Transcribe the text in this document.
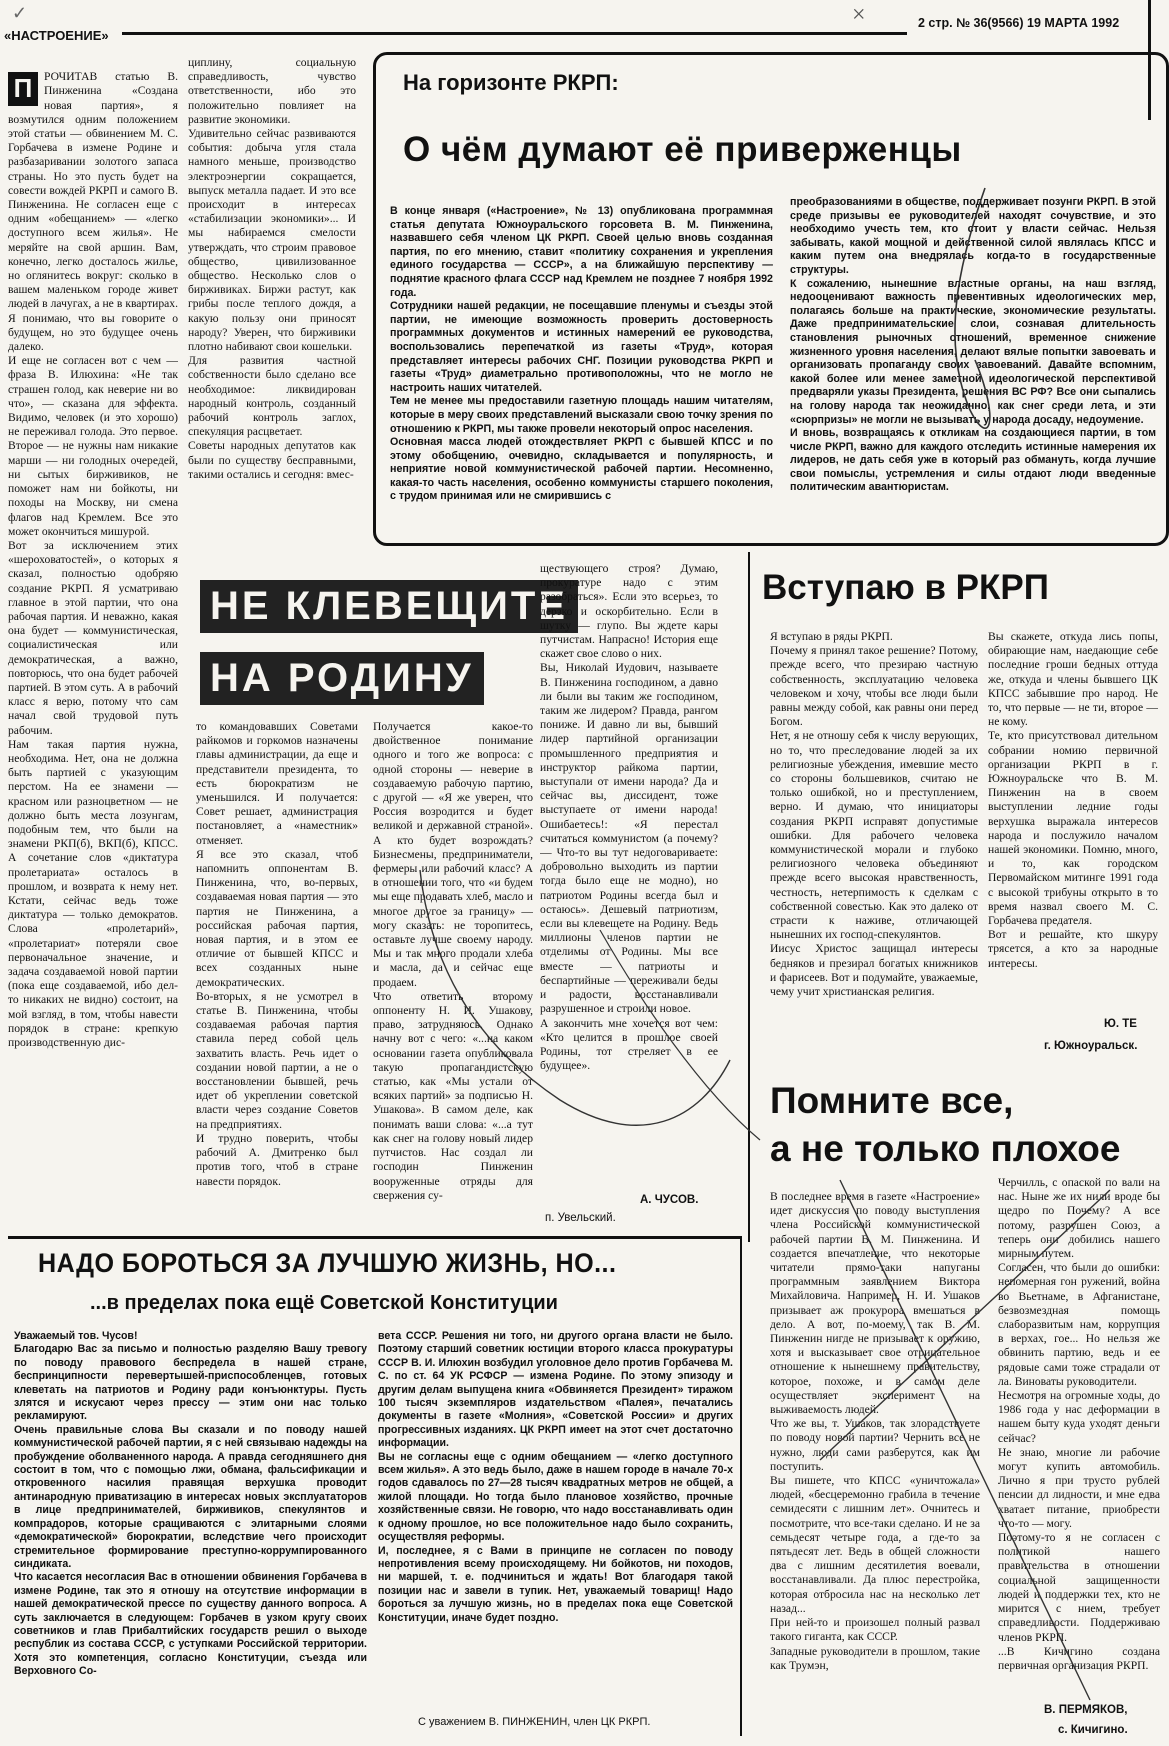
«НАСТРОЕНИЕ»
2 стр. № 36(9566) 19 МАРТА 1992
×
✓

П	РОЧИТАВ статью В. Пинженина «Создана новая партия», я возмутился одним положением этой статьи — обвинением М. С. Горбачева в измене Родине и разбазаривании золотого запаса страны. Но это пусть будет на совести вождей РКРП и самого В. Пинженина. Не согласен еще с одним «обещанием» — «легко доступного всем жилья». Не меряйте на свой аршин. Вам, конечно, легко досталось жилье, но оглянитесь вокруг: сколько в вашем маленьком городе живет людей в лачугах, а не в квартирах. Я понимаю, что вы говорите о будущем, но это будущее очень далеко.
И еще не согласен вот с чем — фраза В. Илюхина: «Не так страшен голод, как неверие ни во что», — сказана для эффекта. Видимо, человек (и это хорошо) не переживал голода. Это первое. Второе — не нужны нам никакие марши — ни голодных очередей, ни сытых бирживиков, не поможет нам ни бойкоты, ни походы на Москву, ни смена флагов над Кремлем. Все это может окончиться мишурой.
Вот за исключением этих «шероховатостей», о которых я сказал, полностью одобряю создание РКРП. Я усматриваю главное в этой партии, что она рабочая партия. И неважно, какая она будет — коммунистическая, социалистическая или демократическая, а важно, повторюсь, что она будет рабочей партией. В этом суть. А в рабочий класс я верю, потому что сам начал свой трудовой путь рабочим.
Нам такая партия нужна, необходима. Нет, она не должна быть партией с указующим перстом. На ее знамени — красном или разноцветном — не должно быть места лозунгам, подобным тем, что были на знамени РКП(б), ВКП(б), КПСС. А сочетание слов «диктатура пролетариата» осталось в прошлом, и возврата к нему нет. Кстати, сейчас ведь тоже диктатура — только демократов. Слова «пролетарий», «пролетариат» потеряли свое первоначальное значение, и задача создаваемой новой партии (пока еще создаваемой, ибо дел-то никаких не видно) состоит, на мой взгляд, в том, чтобы навести порядок в стране: крепкую производственную дис-

циплину, социальную справедливость, чувство ответственности, ибо это положительно повлияет на развитие экономики.
Удивительно сейчас развиваются события: добыча угля стала намного меньше, производство электроэнергии сокращается, выпуск металла падает. И это все происходит в интересах «стабилизации экономики»... И мы набираемся смелости утверждать, что строим правовое общество, цивилизованное общество. Несколько слов о бирживиках. Биржи растут, как грибы после теплого дождя, а какую пользу они приносят народу? Уверен, что бирживики плотно набивают свои кошельки.
Для развития частной собственности было сделано все необходимое: ликвидирован народный контроль, созданный рабочий контроль заглох, спекуляция расцветает.
Советы народных депутатов как были по существу бесправными, такими остались и сегодня: вмес-
На горизонте РКРП:
О чём думают её приверженцы
В конце января («Настроение», № 13) опубликована программная статья депутата Южноуральского горсовета В. М. Пинженина, назвавшего себя членом ЦК РКРП. Своей целью вновь созданная партия, по его мнению, ставит «политику сохранения и укрепления единого государства — СССР», а на ближайшую перспективу — поднятие красного флага СССР над Кремлем не позднее 7 ноября 1992 года.
Сотрудники нашей редакции, не посещавшие пленумы и съезды этой партии, не имеющие возможность проверить достоверность программных документов и истинных намерений ее руководства, воспользовались перепечаткой из газеты «Труд», которая представляет интересы рабочих СНГ. Позиции руководства РКРП и газеты «Труд» диаметрально противоположны, что не могло не настроить наших читателей.
Тем не менее мы предоставили газетную площадь нашим читателям, которые в меру своих представлений высказали свою точку зрения по отношению к РКРП, мы также провели некоторый опрос населения.
Основная масса людей отождествляет РКРП с бывшей КПСС и по этому обобщению, очевидно, складывается и популярность, и неприятие новой коммунистической рабочей партии. Несомненно, какая-то часть населения, особенно коммунисты старшего поколения, с трудом принимая или не смирившись с
преобразованиями в обществе, поддерживает позунги РКРП. В этой среде призывы ее руководителей находят сочувствие, и это необходимо учесть тем, кто стоит у власти сейчас. Нельзя забывать, какой мощной и действенной силой являлась КПСС и каким путем она внедрялась когда-то в государственные структуры.
К сожалению, нынешние властные органы, на наш взгляд, недооценивают важность превентивных идеологических мер, полагаясь больше на практические, экономические результаты. Даже предпринимательские слои, сознавая длительность становления рыночных отношений, временное снижение жизненного уровня населения, делают вялые попытки завоевать и организовать пропаганду своих завоеваний. Давайте вспомним, какой более или менее заметной идеологической перспективой предваряли указы Президента, решения ВС РФ? Все они сыпались на голову народа так неожиданно, как снег среди лета, и эти «сюрпризы» не могли не вызывать у народа досаду, недоумение.
И вновь, возвращаясь к откликам на создающиеся партии, в том числе РКРП, важно для каждого отследить истинные намерения их лидеров, не дать себя уже в который раз обмануть, когда лучшие свои помыслы, устремления и силы отдают люди введенные политическим авантюристам.
НЕ КЛЕВЕЩИТЕ
НА РОДИНУ
то командовавших Советами райкомов и горкомов назначены главы администрации, да еще и представители президента, то есть бюрократизм не уменьшился. И получается: Совет решает, администрация постановляет, а «наместник» отменяет.
Я все это сказал, чтоб напомнить оппонентам В. Пинженина, что, во-первых, создаваемая новая партия — это партия не Пинженина, а российская рабочая партия, новая партия, и в этом ее отличие от бывшей КПСС и всех созданных ныне демократических.
Во-вторых, я не усмотрел в статье В. Пинженина, чтобы создаваемая рабочая партия ставила перед собой цель захватить власть. Речь идет о создании новой партии, а не о восстановлении бывшей, речь идет об укреплении советской власти через создание Советов на предприятиях.
И трудно поверить, чтобы рабочий А. Дмитренко был против того, чтоб в стране навести порядок.
Получается какое-то двойственное понимание одного и того же вопроса: с одной стороны — неверие в создаваемую рабочую партию, с другой — «Я же уверен, что Россия возродится и будет великой и державной страной». А кто будет возрождать? Бизнесмены, предприниматели, фермеры или рабочий класс? А в отношении того, что «и будем мы еще продавать хлеб, масло и многое другое за границу» — могу сказать: не торопитесь, оставьте лучше своему народу. Мы и так много продали хлеба и масла, да и сейчас еще продаем.
Что ответить второму оппоненту Н. И. Ушакову, право, затрудняюсь. Однако начну вот с чего: «...на каком основании газета опубликовала такую пропагандистскую статью, как «Мы устали от всяких партий» за подписью Н. Ушакова». В самом деле, как понимать ваши слова: «...а тут как снег на голову новый лидер путчистов. Нас создал ли господин Пинженин вооруженные отряды для свержения су-
ществующего строя? Думаю, прокуратуре надо с этим разобраться». Если это всерьез, то дерзко и оскорбительно. Если в шутку — глупо. Вы ждете кары путчистам. Напрасно! История еще скажет свое слово о них.
Вы, Николай Иудович, называете В. Пинженина господином, а давно ли были вы таким же господином, таким же лидером? Правда, рангом пониже. И давно ли вы, бывший лидер партийной организации промышленного предприятия и инструктор райкома партии, выступали от имени народа? Да и сейчас вы, диссидент, тоже выступаете от имени народа! Ошибаетесь!: «Я перестал считаться коммунистом (а почему? — Что-то вы тут недоговариваете: добровольно выходить из партии тогда было еще не модно), но патриотом Родины всегда был и остаюсь». Дешевый патриотизм, если вы клевещете на Родину. Ведь миллионы членов партии не отделимы от Родины. Мы все вместе — патриоты и беспартийные — переживали беды и радости, восстанавливали разрушенное и строили новое.
А закончить мне хочется вот чем: «Кто целится в прошлое своей Родины, тот стреляет в ее будущее».
А. ЧУСОВ.
п. Увельский.
Вступаю в РКРП
Я вступаю в ряды РКРП.
Почему я принял такое решение? Потому, прежде всего, что презираю частную собственность, эксплуатацию человека человеком и хочу, чтобы все люди были равны между собой, как равны они перед Богом.
Нет, я не отношу себя к числу верующих, но то, что преследование людей за их религиозные убеждения, имевшие место со стороны большевиков, считаю не только ошибкой, но и преступлением, верно. И думаю, что инициаторы создания РКРП исправят допустимые ошибки. Для рабочего человека коммунистической морали и глубоко религиозного человека объединяют прежде всего высокая нравственность, честность, нетерпимость к сделкам с собственной совестью. Как это далеко от страсти к наживе, отличающей нынешних их господ-спекулянтов.
Иисус Христос защищал интересы бедняков и презирал богатых книжников и фарисеев. Вот и подумайте, уважаемые, чему учит христианская религия.
Вы скажете, откуда лись попы, обирающие нам, наедающие себе последние гроши бедных оттуда же, откуда и члены бывшего ЦК КПСС забывшие про народ. Не то, что первые — не ти, второе — не кому.
Те, кто присутствовал дительном собрании номию первичной организации РКРП в г. Южноуральске что В. М. Пинженин на в своем выступлении ледние годы верхушка выражала интересов народа и послужило началом нашей экономики. Помню, много, и то, как городском Первомайском митинге 1991 года с высокой трибуны открыто в то время назвал своего М. С. Горбачева предателя.
Вот и решайте, кто шкуру трясется, а кто за народные интересы.
Ю. ТЕ
г. Южноуральск.
Помните все,
а не только плохое
В последнее время в газете «Настроение» идет дискуссия по поводу выступления члена Российской коммунистической рабочей партии В. М. Пинженина. И создается впечатление, что некоторые читатели прямо-таки напуганы программным заявлением Виктора Михайловича. Например, Н. И. Ушаков призывает аж прокурора вмешаться в дело. А вот, по-моему, так В. М. Пинженин нигде не призывает к оружию, хотя и высказывает свое отрицательное отношение к нынешнему правительству, которое, похоже, и в самом деле осуществляет эксперимент на выживаемость людей.
Что же вы, т. Ушаков, так злорадствуете по поводу новой партии? Чернить все не нужно, люди сами разберутся, как им поступить.
Вы пишете, что КПСС «уничтожала» людей, «бесцеремонно грабила в течение семидесяти с лишним лет». Очнитесь и посмотрите, что все-таки сделано. И не за семьдесят четыре года, а где-то за пятьдесят лет. Ведь в общей сложности два с лишним десятилетия воевали, восстанавливали. Да плюс перестройка, которая отбросила нас на несколько лет назад...
При ней-то и произошел полный развал такого гиганта, как СССР.
Западные руководители в прошлом, такие как Трумэн,
Черчилль, с опаской по вали на нас. Ныне же их нили вроде бы щедро по Почему? А все потому, разрушен Союз, а теперь они добились нашего мирным путем.
Согласен, что были до ошибки: непомерная гон ружений, война во Вьетнаме, в Афганистане, безвозмездная помощь слаборазвитым нам, коррупция в верхах, гое... Но нельзя же обвинить партию, ведь и ее рядовые сами тоже страдали от ла. Виноваты руководители.
Несмотря на огромные ходы, до 1986 года у нас деформации в нашем быту куда уходят деньги сейчас?
Не знаю, многие ли рабочие могут купить автомобиль. Лично я при трусто рублей пенсии дл лидности, и мне едва хватает питание, приобрести что-то — могу.
Поэтому-то я не согласен с политикой нашего правительства в отношении социальной защищенности людей и поддержки тех, кто не мирится с нием, требует справедливости. Поддерживаю членов РКРП.
...В Кичигино создана первичная организация РКРП.
В. ПЕРМЯКОВ,
с. Кичигино.
НАДО БОРОТЬСЯ ЗА ЛУЧШУЮ ЖИЗНЬ, НО...
...в пределах пока ещё Советской Конституции
Уважаемый тов. Чусов!
Благодарю Вас за письмо и полностью разделяю Вашу тревогу по поводу правового беспредела в нашей стране, беспринципности перевертышей-приспособленцев, готовых клеветать на патриотов и Родину ради конъюнктуры. Пусть злятся и искусают через прессу — этим они нас только рекламируют.
Очень правильные слова Вы сказали и по поводу нашей коммунистической рабочей партии, я с ней связываю надежды на пробуждение оболваненного народа. А правда сегодняшнего дня состоит в том, что с помощью лжи, обмана, фальсификации и откровенного насилия правящая верхушка проводит антинародную приватизацию в интересах новых эксплуататоров в лице предпринимателей, бирживиков, спекулянтов и компрадоров, которые сращиваются с элитарными слоями «демократической» бюрократии, вследствие чего происходит стремительное формирование преступно-коррумпированного синдиката.
Что касается несогласия Вас в отношении обвинения Горбачева в измене Родине, так это я отношу на отсутствие информации в нашей демократической прессе по существу данного вопроса. А суть заключается в следующем: Горбачев в узком кругу своих советников и глав Прибалтийских государств решил о выходе республик из состава СССР, с уступками Российской территории. Хотя это компетенция, согласно Конституции, съезда или Верховного Со-
вета СССР. Решения ни того, ни другого органа власти не было. Поэтому старший советник юстиции второго класса прокуратуры СССР В. И. Илюхин возбудил уголовное дело против Горбачева М. С. по ст. 64 УК РСФСР — измена Родине. По этому эпизоду и другим делам выпущена книга «Обвиняется Президент» тиражом 100 тысяч экземпляров издательством «Палея», печатались документы в газете «Молния», «Советской России» и других прогрессивных изданиях. ЦК РКРП имеет на этот счет достаточно информации.
Вы не согласны еще с одним обещанием — «легко доступного всем жилья». А это ведь было, даже в нашем городе в начале 70-х годов сдавалось по 27—28 тысяч квадратных метров не общей, а жилой площади. Но тогда было плановое хозяйство, прочные хозяйственные связи. Не говорю, что надо восстанавливать один к одному прошлое, но все положительное надо было сохранить, осуществляя реформы.
И, последнее, я с Вами в принципе не согласен по поводу непротивления всему происходящему. Ни бойкотов, ни походов, ни маршей, т. е. подчиниться и ждать! Вот благодаря такой позиции нас и завели в тупик. Нет, уважаемый товарищ! Надо бороться за лучшую жизнь, но в пределах пока еще Советской Конституции, иначе будет поздно.
С уважением В. ПИНЖЕНИН, член ЦК РКРП.
